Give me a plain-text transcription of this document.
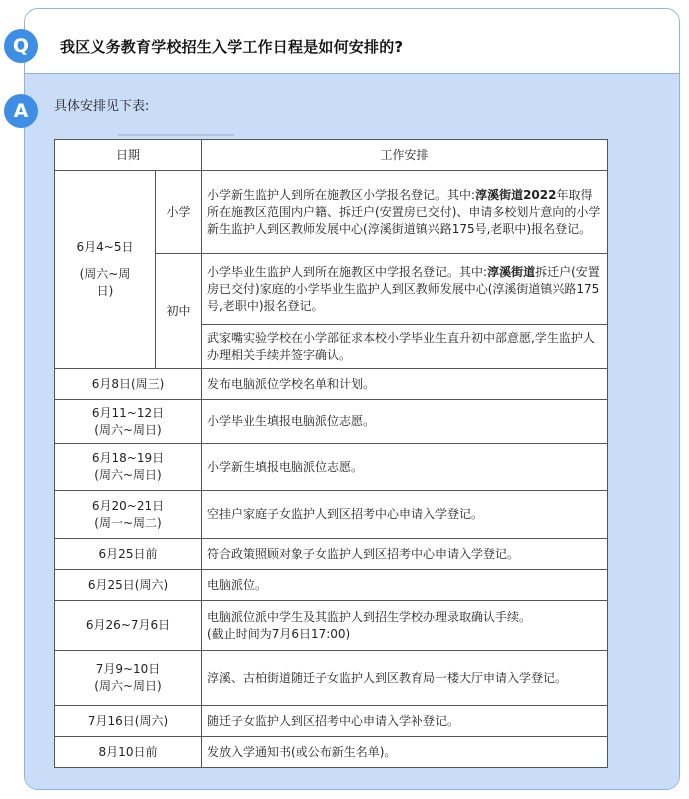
Q	我区义务教育学校招生入学工作日程是如何安排的?
A	具体安排见下表:
日期		工作安排

6月4~5日
(周六~周
日)	小学	小学新生监护人到所在施教区小学报名登记。其中:淳溪街道2022年取得所在施教区范围内户籍、拆迁户(安置房已交付)、申请多校划片意向的小学新生监护人到区教师发展中心(淳溪街道镇兴路175号,老职中)报名登记。
	初中	小学毕业生监护人到所在施教区中学报名登记。其中:淳溪街道拆迁户(安置房已交付)家庭的小学毕业生监护人到区教师发展中心(淳溪街道镇兴路175号,老职中)报名登记。
		武家嘴实验学校在小学部征求本校小学毕业生直升初中部意愿,学生监护人办理相关手续并签字确认。
6月8日(周三)		发布电脑派位学校名单和计划。

6月11~12日
(周六~周日)		小学毕业生填报电脑派位志愿。

6月18~19日
(周六~周日)		小学新生填报电脑派位志愿。

6月20~21日
(周一~周二)		空挂户家庭子女监护人到区招考中心申请入学登记。
6月25日前		符合政策照顾对象子女监护人到区招考中心申请入学登记。
6月25日(周六)		电脑派位。
6月26~7月6日		电脑派位派中学生及其监护人到招生学校办理录取确认手续。
(截止时间为7月6日17:00)

7月9~10日
(周六~周日)		淳溪、古柏街道随迁子女监护人到区教育局一楼大厅申请入学登记。
7月16日(周六)		随迁子女监护人到区招考中心申请入学补登记。
8月10日前		发放入学通知书(或公布新生名单)。
